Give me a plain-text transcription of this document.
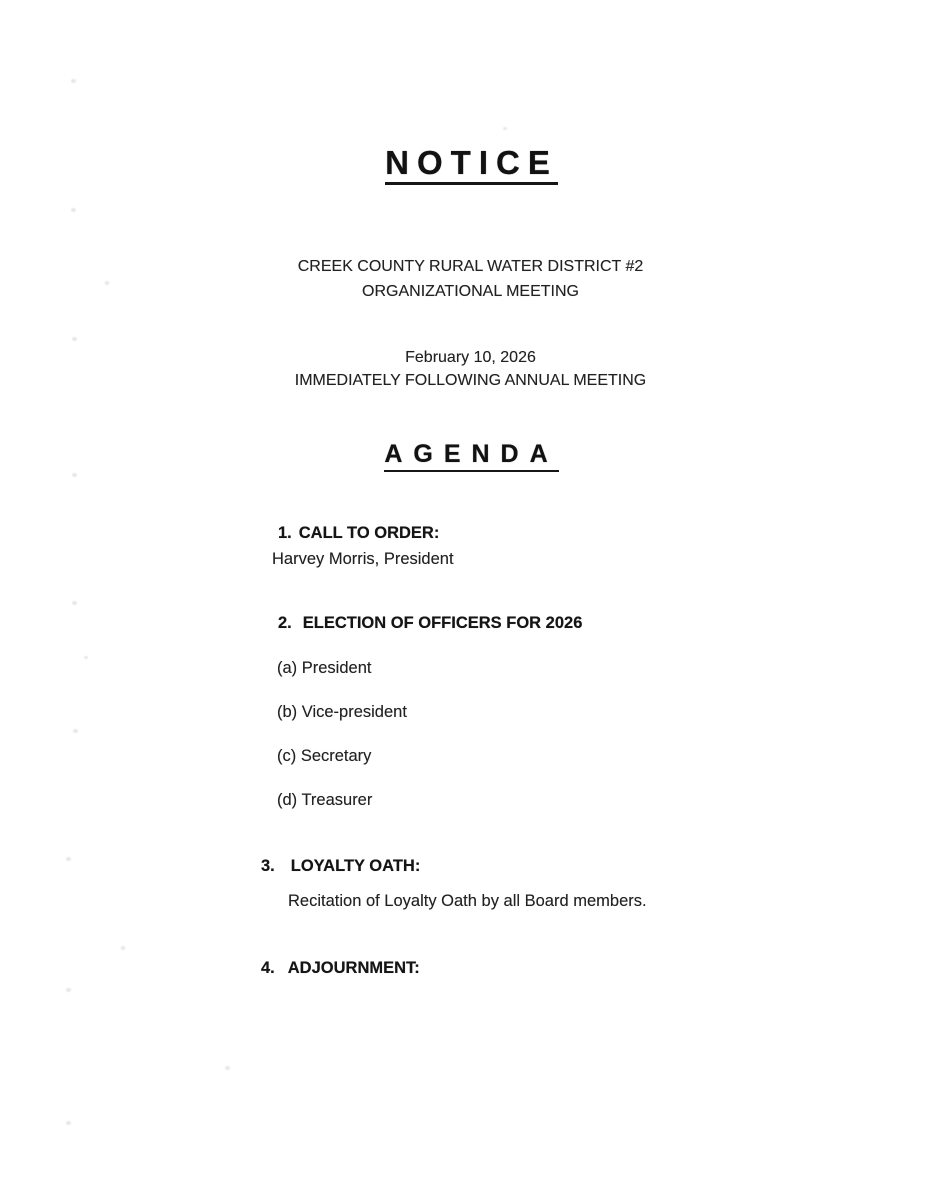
NOTICE
CREEK COUNTY RURAL WATER DISTRICT #2
ORGANIZATIONAL MEETING
February 10, 2026
IMMEDIATELY FOLLOWING ANNUAL MEETING
AGENDA
1. CALL TO ORDER:
Harvey Morris, President
2. ELECTION OF OFFICERS FOR 2026
(a) President
(b) Vice-president
(c) Secretary
(d) Treasurer
3. LOYALTY OATH:
Recitation of Loyalty Oath by all Board members.
4. ADJOURNMENT:
